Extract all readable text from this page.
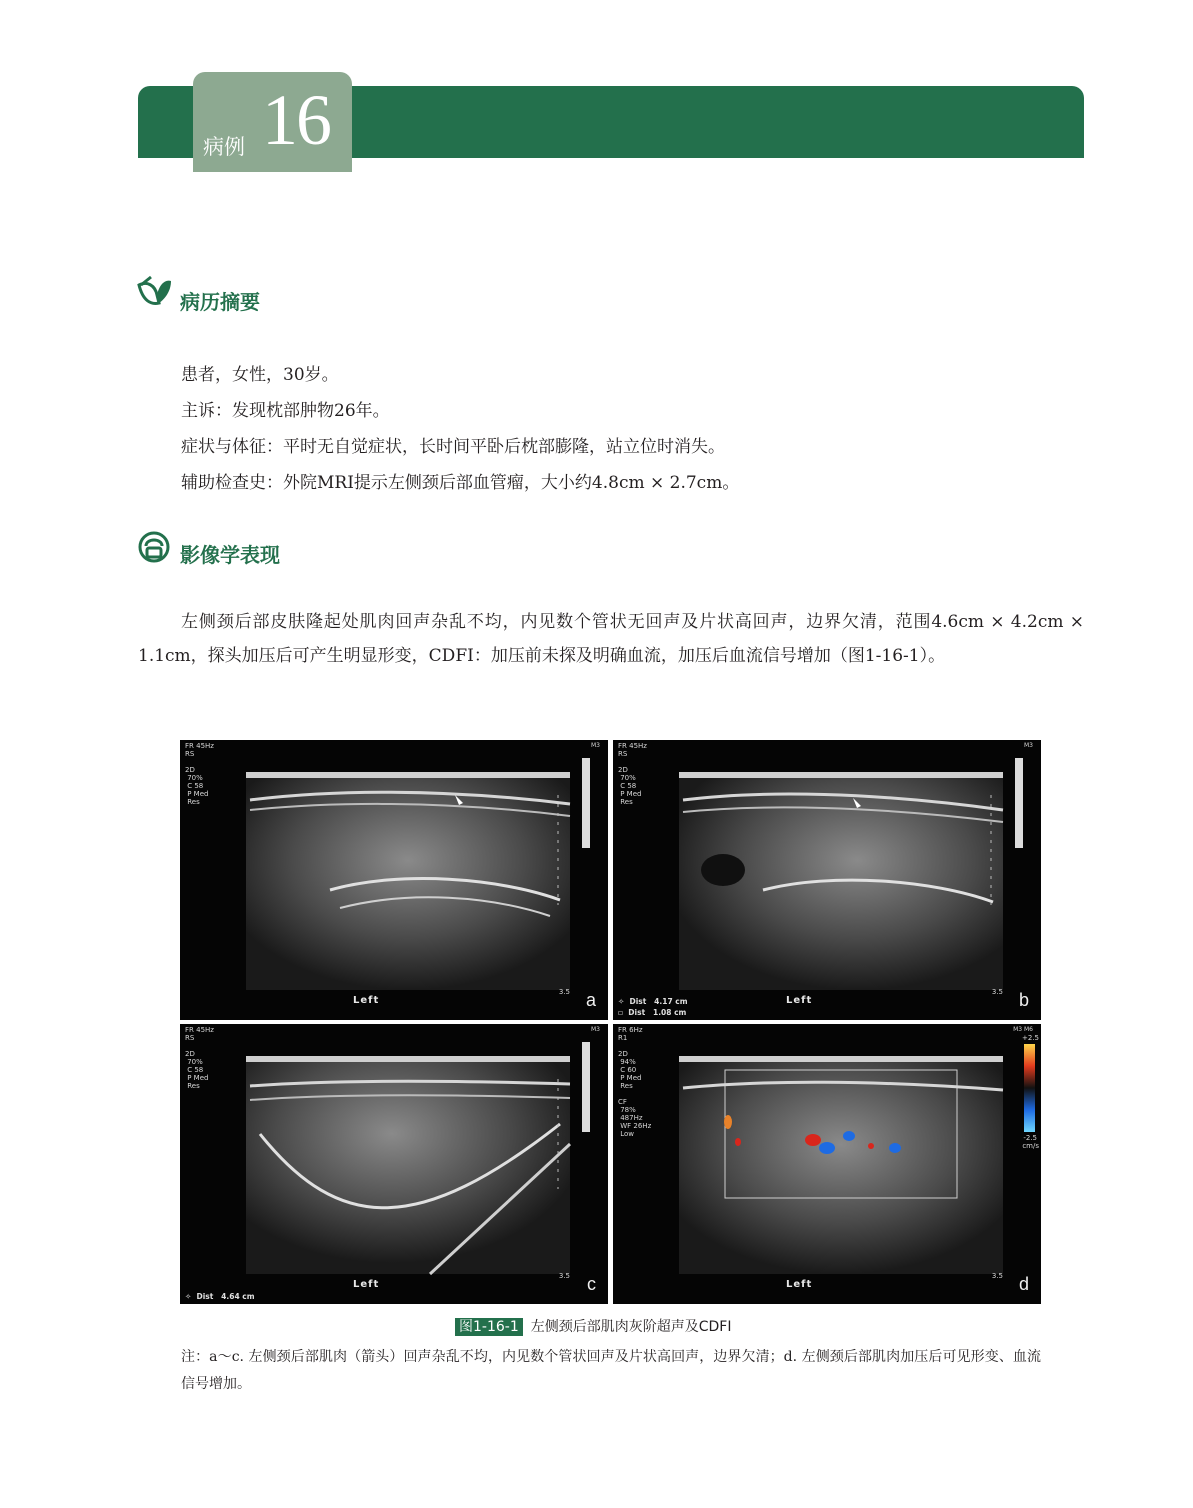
病例 16
病历摘要
患者，女性，30岁。
主诉：发现枕部肿物26年。
症状与体征：平时无自觉症状，长时间平卧后枕部膨隆，站立位时消失。
辅助检查史：外院MRI提示左侧颈后部血管瘤，大小约4.8cm × 2.7cm。
影像学表现
左侧颈后部皮肤隆起处肌肉回声杂乱不均，内见数个管状无回声及片状高回声，边界欠清，范围4.6cm × 4.2cm × 1.1cm，探头加压后可产生明显形变，CDFI：加压前未探及明确血流，加压后血流信号增加（图1-16-1）。
FR 45Hz
RS

2D
70%
C 58
P Med
Res
M3
Left
3.5 a
FR 45Hz
RS

2D
70%
C 58
P Med
Res
M3
✧  Dist   4.17 cm
▫  Dist   1.08 cm
Left
3.5 b
FR 45Hz
RS

2D
70%
C 58
P Med
Res
M3
✧  Dist   4.64 cm
Left
3.5 c
FR 6Hz
R1

2D
94%
C 60
P Med
Res

CF
78%
487Hz
WF 26Hz
Low
M3 M6
+2.5
-2.5
cm/s
Left
3.5 d
图1-16-1 左侧颈后部肌肉灰阶超声及CDFI
注：a～c. 左侧颈后部肌肉（箭头）回声杂乱不均，内见数个管状回声及片状高回声，边界欠清；d. 左侧颈后部肌肉加压后可见形变、血流信号增加。
